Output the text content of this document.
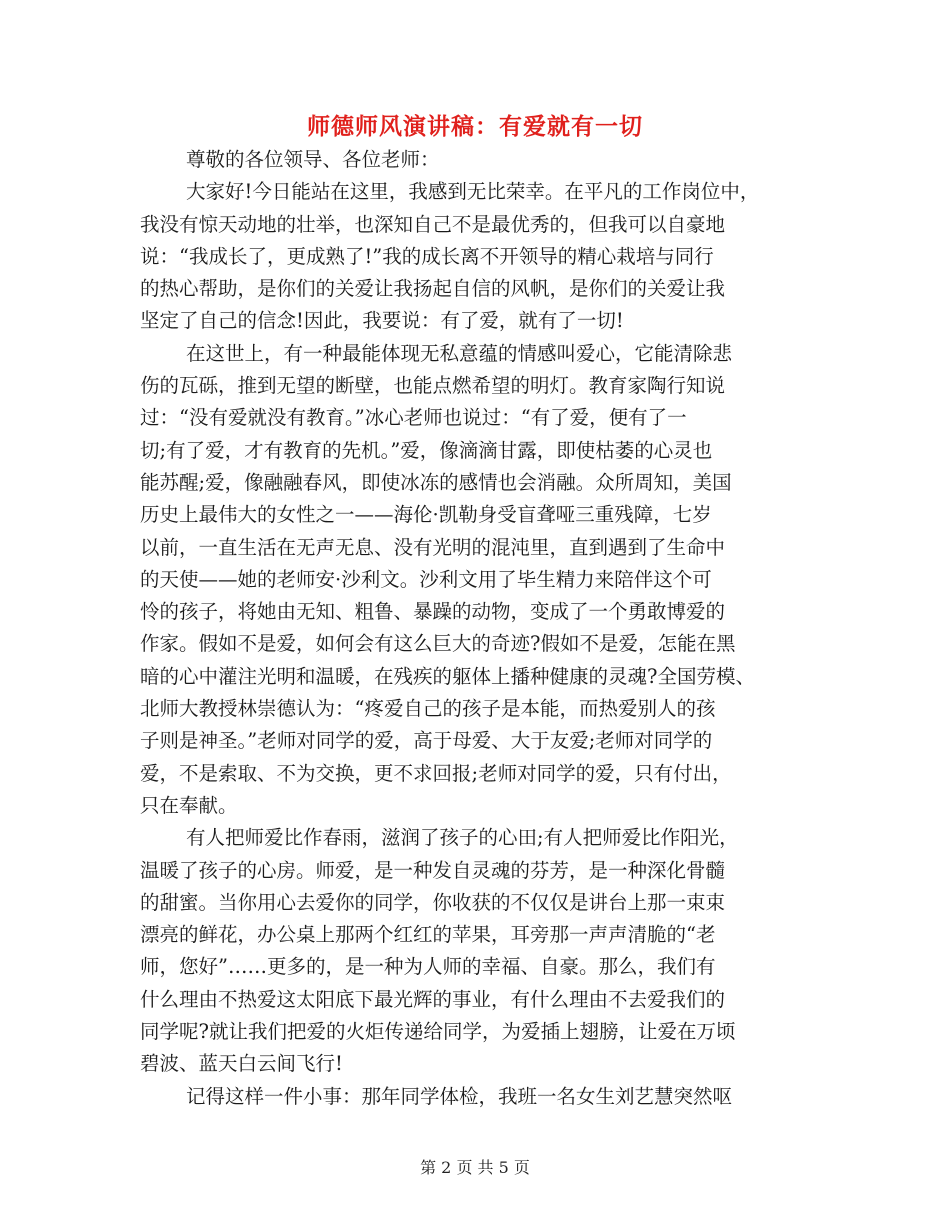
师德师风演讲稿：有爱就有一切
尊敬的各位领导、各位老师：
大家好!今日能站在这里，我感到无比荣幸。在平凡的工作岗位中，
我没有惊天动地的壮举，也深知自己不是最优秀的，但我可以自豪地
说：“我成长了，更成熟了!”我的成长离不开领导的精心栽培与同行
的热心帮助，是你们的关爱让我扬起自信的风帆，是你们的关爱让我
坚定了自己的信念!因此，我要说：有了爱，就有了一切!
在这世上，有一种最能体现无私意蕴的情感叫爱心，它能清除悲
伤的瓦砾，推到无望的断壁，也能点燃希望的明灯。教育家陶行知说
过：“没有爱就没有教育。”冰心老师也说过：“有了爱，便有了一
切;有了爱，才有教育的先机。”爱，像滴滴甘露，即使枯萎的心灵也
能苏醒;爱，像融融春风，即使冰冻的感情也会消融。众所周知，美国
历史上最伟大的女性之一——海伦·凯勒身受盲聋哑三重残障，七岁
以前，一直生活在无声无息、没有光明的混沌里，直到遇到了生命中
的天使——她的老师安·沙利文。沙利文用了毕生精力来陪伴这个可
怜的孩子，将她由无知、粗鲁、暴躁的动物，变成了一个勇敢博爱的
作家。假如不是爱，如何会有这么巨大的奇迹?假如不是爱，怎能在黑
暗的心中灌注光明和温暖，在残疾的躯体上播种健康的灵魂?全国劳模、
北师大教授林崇德认为：“疼爱自己的孩子是本能，而热爱别人的孩
子则是神圣。”老师对同学的爱，高于母爱、大于友爱;老师对同学的
爱，不是索取、不为交换，更不求回报;老师对同学的爱，只有付出，
只在奉献。
有人把师爱比作春雨，滋润了孩子的心田;有人把师爱比作阳光，
温暖了孩子的心房。师爱，是一种发自灵魂的芬芳，是一种深化骨髓
的甜蜜。当你用心去爱你的同学，你收获的不仅仅是讲台上那一束束
漂亮的鲜花，办公桌上那两个红红的苹果，耳旁那一声声清脆的“老
师，您好”……更多的，是一种为人师的幸福、自豪。那么，我们有
什么理由不热爱这太阳底下最光辉的事业，有什么理由不去爱我们的
同学呢?就让我们把爱的火炬传递给同学，为爱插上翅膀，让爱在万顷
碧波、蓝天白云间飞行!
记得这样一件小事：那年同学体检，我班一名女生刘艺慧突然呕
第 2 页 共 5 页
